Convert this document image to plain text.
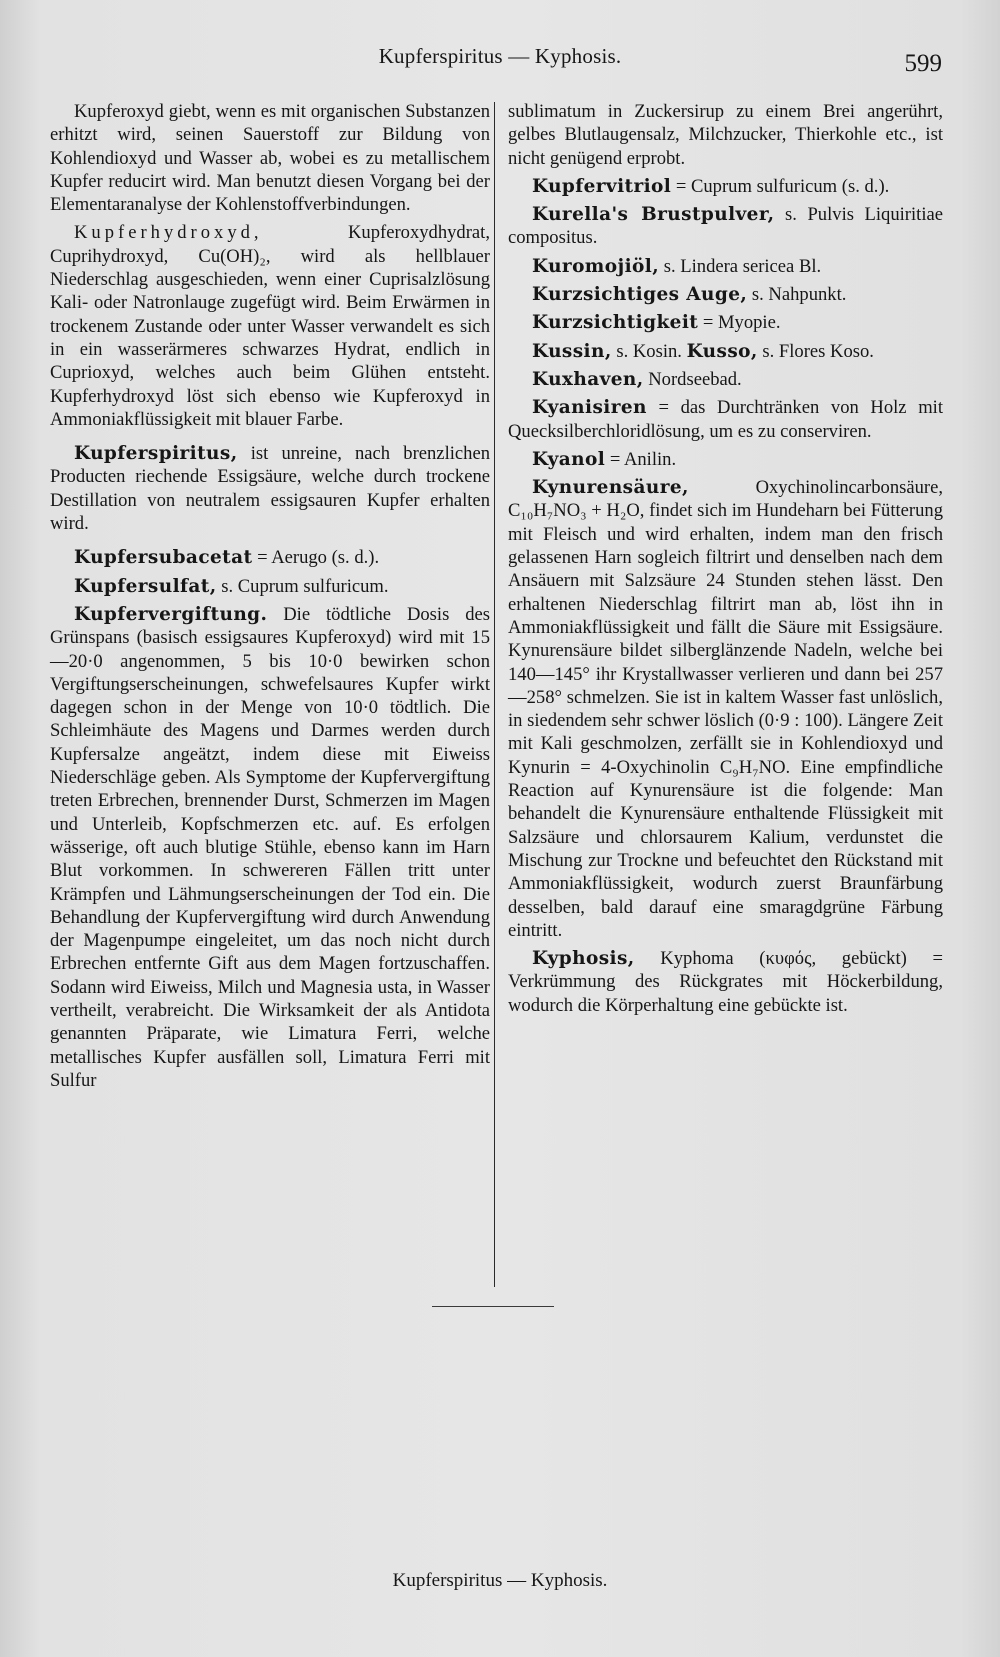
Kupferspiritus — Kyphosis.	599

Kupferoxyd giebt, wenn es mit organischen Substanzen erhitzt wird, seinen Sauerstoff zur Bildung von Kohlendioxyd und Wasser ab, wobei es zu metallischem Kupfer reducirt wird. Man benutzt diesen Vorgang bei der Elementaranalyse der Kohlenstoffverbindungen.

Kupferhydroxyd, Kupferoxydhydrat, Cuprihydroxyd, Cu(OH)₂, wird als hellblauer Niederschlag ausgeschieden, wenn einer Cuprisalzlösung Kali- oder Natronlauge zugefügt wird. Beim Erwärmen in trockenem Zustande oder unter Wasser verwandelt es sich in ein wasserärmeres schwarzes Hydrat, endlich in Cuprioxyd, welches auch beim Glühen entsteht. Kupferhydroxyd löst sich ebenso wie Kupferoxyd in Ammoniakflüssigkeit mit blauer Farbe.

Kupferspiritus, ist unreine, nach brenzlichen Producten riechende Essigsäure, welche durch trockene Destillation von neutralem essigsauren Kupfer erhalten wird.

Kupfersubacetat = Aerugo (s. d.).

Kupfersulfat, s. Cuprum sulfuricum.

Kupfervergiftung. Die tödtliche Dosis des Grünspans (basisch essigsaures Kupferoxyd) wird mit 15—20·0 angenommen, 5 bis 10·0 bewirken schon Vergiftungserscheinungen, schwefelsaures Kupfer wirkt dagegen schon in der Menge von 10·0 tödtlich. Die Schleimhäute des Magens und Darmes werden durch Kupfersalze angeätzt, indem diese mit Eiweiss Niederschläge geben. Als Symptome der Kupfervergiftung treten Erbrechen, brennender Durst, Schmerzen im Magen und Unterleib, Kopfschmerzen etc. auf. Es erfolgen wässerige, oft auch blutige Stühle, ebenso kann im Harn Blut vorkommen. In schwereren Fällen tritt unter Krämpfen und Lähmungserscheinungen der Tod ein. Die Behandlung der Kupfervergiftung wird durch Anwendung der Magenpumpe eingeleitet, um das noch nicht durch Erbrechen entfernte Gift aus dem Magen fortzuschaffen. Sodann wird Eiweiss, Milch und Magnesia usta, in Wasser vertheilt, verabreicht. Die Wirksamkeit der als Antidota genannten Präparate, wie Limatura Ferri, welche metallisches Kupfer ausfällen soll, Limatura Ferri mit Sulfur

sublimatum in Zuckersirup zu einem Brei angerührt, gelbes Blutlaugensalz, Milchzucker, Thierkohle etc., ist nicht genügend erprobt.

Kupfervitriol = Cuprum sulfuricum (s. d.).

Kurella's Brustpulver, s. Pulvis Liquiritiae compositus.

Kuromojiöl, s. Lindera sericea Bl.

Kurzsichtiges Auge, s. Nahpunkt.

Kurzsichtigkeit = Myopie.

Kussin, s. Kosin. Kusso, s. Flores Koso.

Kuxhaven, Nordseebad.

Kyanisiren = das Durchtränken von Holz mit Quecksilberchloridlösung, um es zu conserviren.

Kyanol = Anilin.

Kynurensäure, Oxychinolincarbonsäure, C₁₀H₇NO₃ + H₂O, findet sich im Hundeharn bei Fütterung mit Fleisch und wird erhalten, indem man den frisch gelassenen Harn sogleich filtrirt und denselben nach dem Ansäuern mit Salzsäure 24 Stunden stehen lässt. Den erhaltenen Niederschlag filtrirt man ab, löst ihn in Ammoniakflüssigkeit und fällt die Säure mit Essigsäure. Kynurensäure bildet silberglänzende Nadeln, welche bei 140—145° ihr Krystallwasser verlieren und dann bei 257—258° schmelzen. Sie ist in kaltem Wasser fast unlöslich, in siedendem sehr schwer löslich (0·9 : 100). Längere Zeit mit Kali geschmolzen, zerfällt sie in Kohlendioxyd und Kynurin = 4-Oxychinolin C₉H₇NO. Eine empfindliche Reaction auf Kynurensäure ist die folgende: Man behandelt die Kynurensäure enthaltende Flüssigkeit mit Salzsäure und chlorsaurem Kalium, verdunstet die Mischung zur Trockne und befeuchtet den Rückstand mit Ammoniakflüssigkeit, wodurch zuerst Braunfärbung desselben, bald darauf eine smaragdgrüne Färbung eintritt.

Kyphosis, Kyphoma (κυφός, gebückt) = Verkrümmung des Rückgrates mit Höckerbildung, wodurch die Körperhaltung eine gebückte ist.

Kupferspiritus — Kyphosis.
